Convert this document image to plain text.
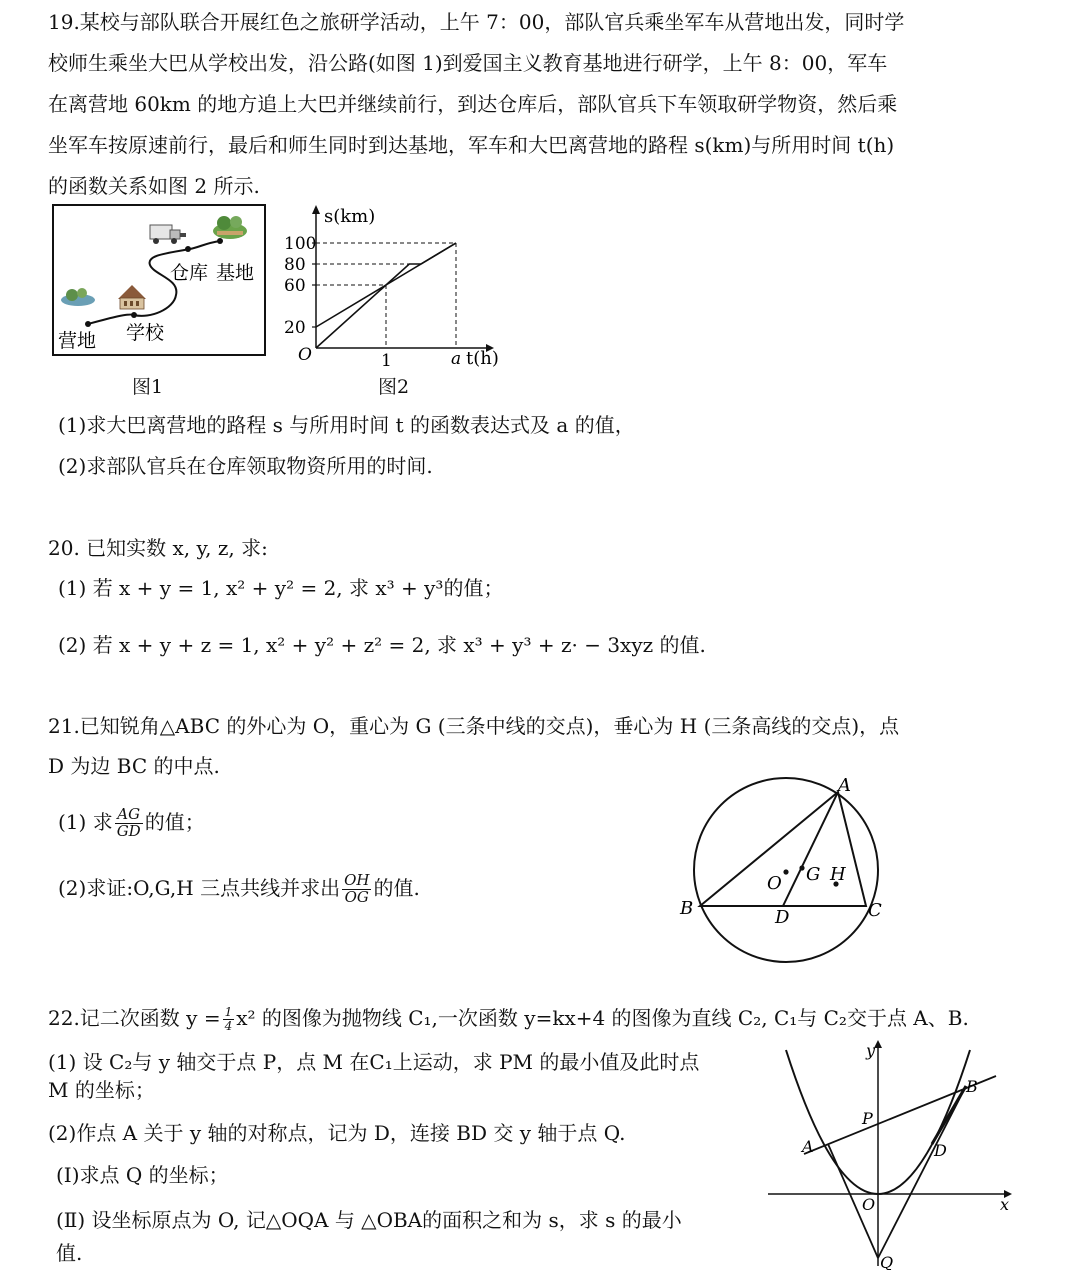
19.某校与部队联合开展红色之旅研学活动，上午 7：00，部队官兵乘坐军车从营地出发，同时学
校师生乘坐大巴从学校出发，沿公路(如图 1)到爱国主义教育基地进行研学，上午 8：00，军车
在离营地 60km 的地方追上大巴并继续前行，到达仓库后，部队官兵下车领取研学物资，然后乘
坐军车按原速前行，最后和师生同时到达基地，军车和大巴离营地的路程 s(km)与所用时间 t(h)
的函数关系如图 2 所示.
仓库 基地
营地 学校
图1
s(km)
t(h)
O
20
60
80
100
1	a
图2
(1)求大巴离营地的路程 s 与所用时间 t 的函数表达式及 a 的值，
(2)求部队官兵在仓库领取物资所用的时间.
20. 已知实数 x, y, z, 求:
(1) 若 x + y = 1, x² + y² = 2, 求 x³ + y³的值；
(2) 若 x + y + z = 1, x² + y² + z² = 2, 求 x³ + y³ + z· − 3xyz 的值.
21.已知锐角△ABC 的外心为 O，重心为 G (三条中线的交点)，垂心为 H (三条高线的交点)，点
D 为边 BC 的中点.
(1) 求 $\frac{AG}{GD}$ 的值；
(2)求证:O,G,H 三点共线并求出 $\frac{OH}{OG}$ 的值.
A
B	C
D
O G H
22.记二次函数 $y = \frac{1}{4} x^2$ 的图像为抛物线 C₁,一次函数 y=kx+4 的图像为直线 C₂, C₁与 C₂交于点 A、B.
(1) 设 C₂与 y 轴交于点 P，点 M 在C₁上运动，求 PM 的最小值及此时点
M 的坐标；
(2)作点 A 关于 y 轴的对称点，记为 D，连接 BD 交 y 轴于点 Q.
(Ⅰ)求点 Q 的坐标；
(Ⅱ) 设坐标原点为 O, 记△OQA 与 △OBA的面积之和为 s，求 s 的最小
值.
y
x
O
A
B
P
D
Q
